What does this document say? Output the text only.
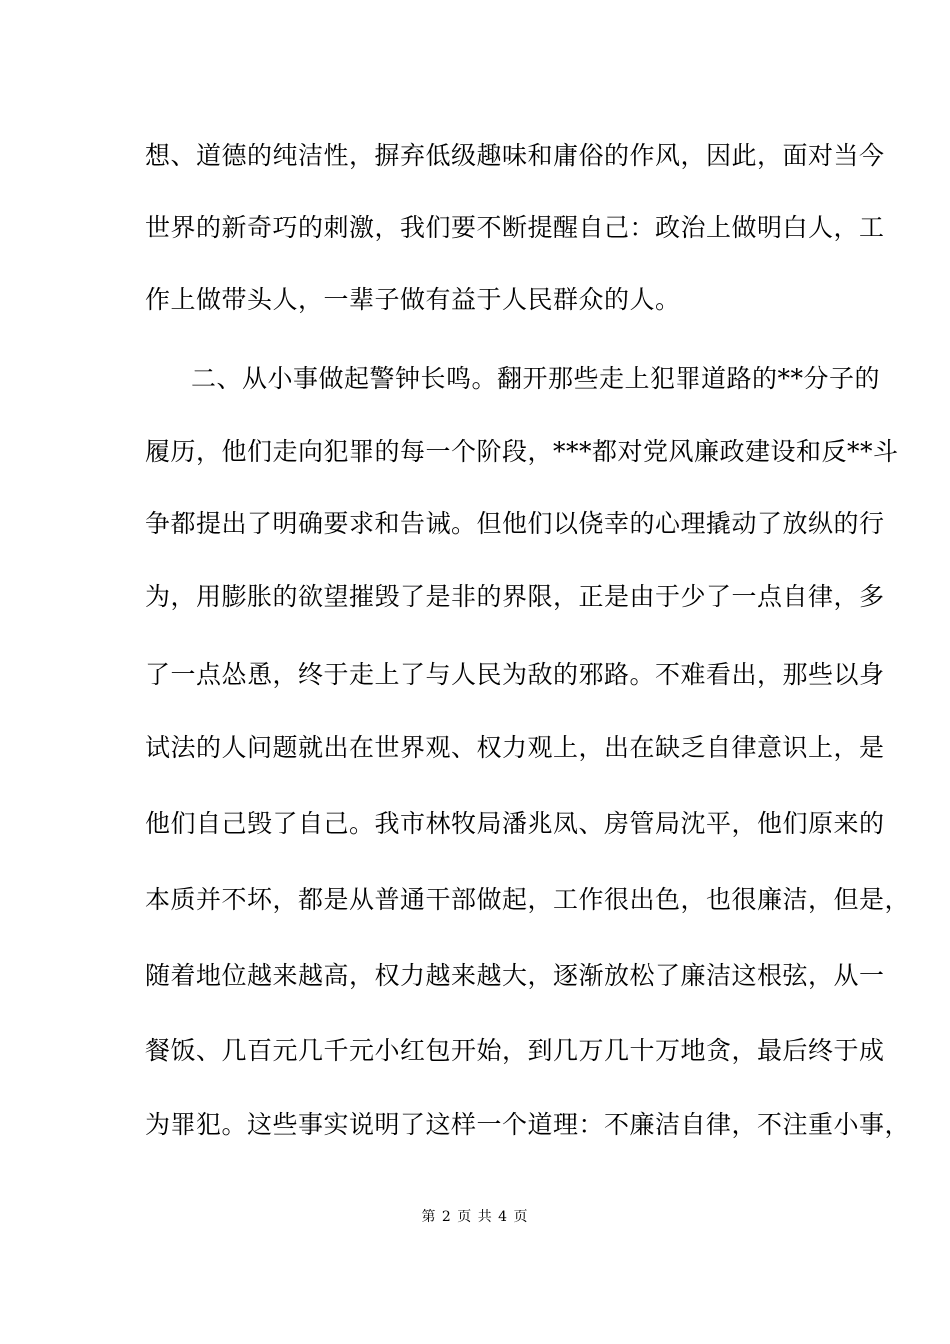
想、道德的纯洁性，摒弃低级趣味和庸俗的作风，因此，面对当今
世界的新奇巧的刺激，我们要不断提醒自己：政治上做明白人，工
作上做带头人，一辈子做有益于人民群众的人。
二、从小事做起警钟长鸣。翻开那些走上犯罪道路的**分子的
履历，他们走向犯罪的每一个阶段，***都对党风廉政建设和反**斗
争都提出了明确要求和告诫。但他们以侥幸的心理撬动了放纵的行
为，用膨胀的欲望摧毁了是非的界限，正是由于少了一点自律，多
了一点怂恿，终于走上了与人民为敌的邪路。不难看出，那些以身
试法的人问题就出在世界观、权力观上，出在缺乏自律意识上，是
他们自己毁了自己。我市林牧局潘兆凤、房管局沈平，他们原来的
本质并不坏，都是从普通干部做起，工作很出色，也很廉洁，但是，
随着地位越来越高，权力越来越大，逐渐放松了廉洁这根弦，从一
餐饭、几百元几千元小红包开始，到几万几十万地贪，最后终于成
为罪犯。这些事实说明了这样一个道理：不廉洁自律，不注重小事，
第 2 页 共 4 页
